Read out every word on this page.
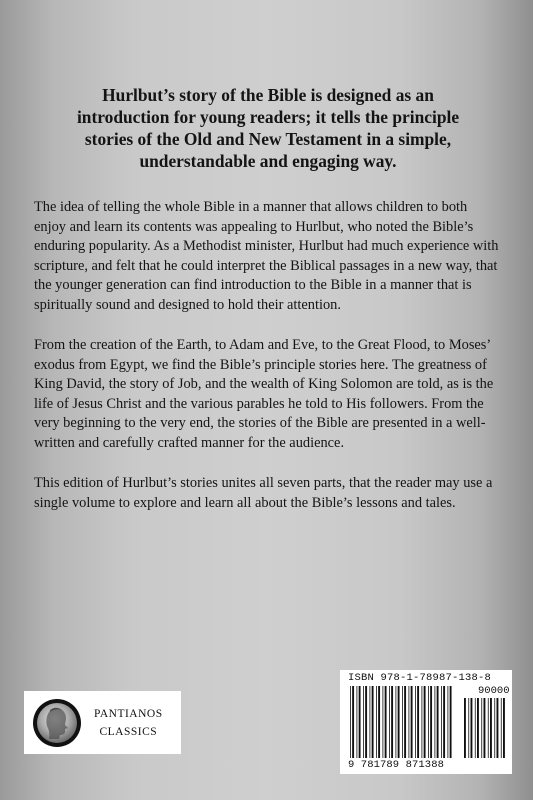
Hurlbut’s story of the Bible is designed as an introduction for young readers; it tells the principle stories of the Old and New Testament in a simple, understandable and engaging way.

The idea of telling the whole Bible in a manner that allows children to both enjoy and learn its contents was appealing to Hurlbut, who noted the Bible’s enduring popularity. As a Methodist minister, Hurlbut had much experience with scripture, and felt that he could interpret the Biblical passages in a new way, that the younger generation can find introduction to the Bible in a manner that is spiritually sound and designed to hold their attention.

From the creation of the Earth, to Adam and Eve, to the Great Flood, to Moses’ exodus from Egypt, we find the Bible’s principle stories here. The greatness of King David, the story of Job, and the wealth of King Solomon are told, as is the life of Jesus Christ and the various parables he told to His followers. From the very beginning to the very end, the stories of the Bible are presented in a well-written and carefully crafted manner for the audience.

This edition of Hurlbut’s stories unites all seven parts, that the reader may use a single volume to explore and learn all about the Bible’s lessons and tales.

PANTIANOS
CLASSICS
ISBN 978-1-78987-138-8
90000
9 781789 871388
